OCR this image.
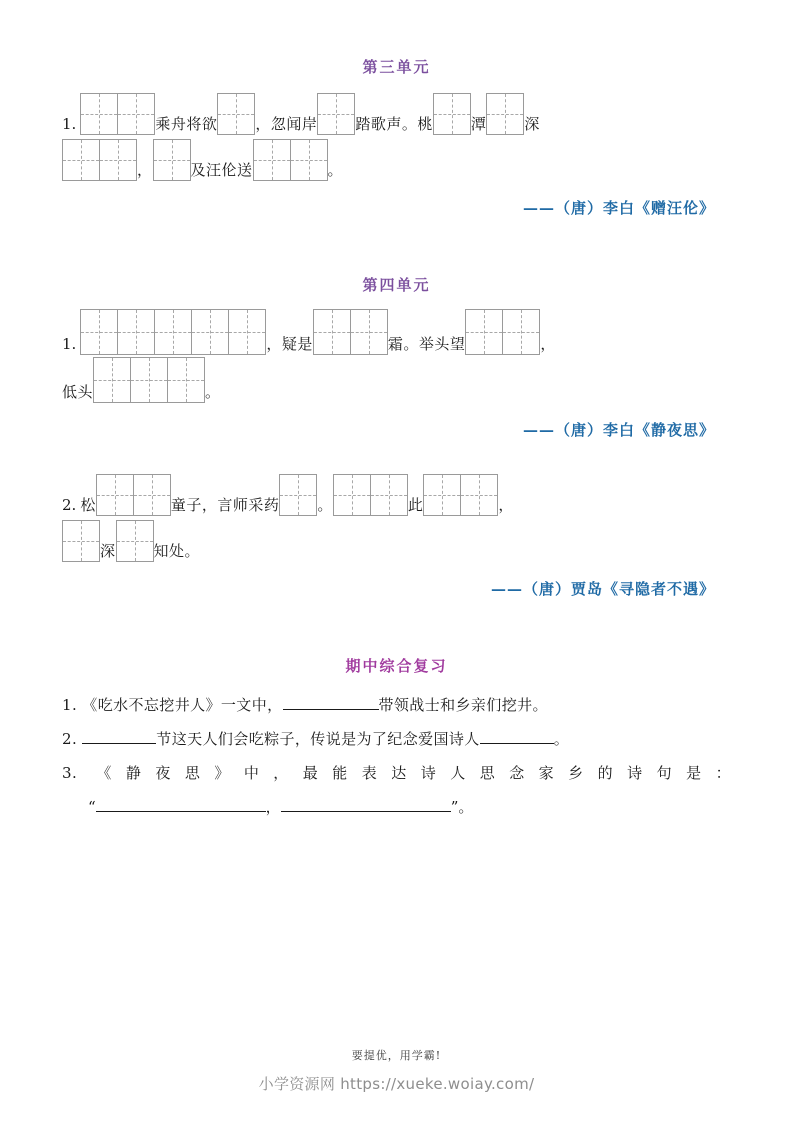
第三单元
1.	乘舟将欲	，忽闻岸	踏歌声。桃	潭	深
，	及汪伦送	。
——（唐）李白《赠汪伦》
第四单元
1.	，疑是	霜。举头望	，
低头	。
——（唐）李白《静夜思》
2. 松	童子，言师采药	。	此	，
深	知处。
——（唐）贾岛《寻隐者不遇》
期中综合复习
1. 《吃水不忘挖井人》一文中，	带领战士和乡亲们挖井。
2.	节这天人们会吃粽子，传说是为了纪念爱国诗人	。
3. 《静夜思》中，最能表达诗人思念家乡的诗句是：
“	，	”。
要提优，用学霸!
小学资源网 https://xueke.woiay.com/
